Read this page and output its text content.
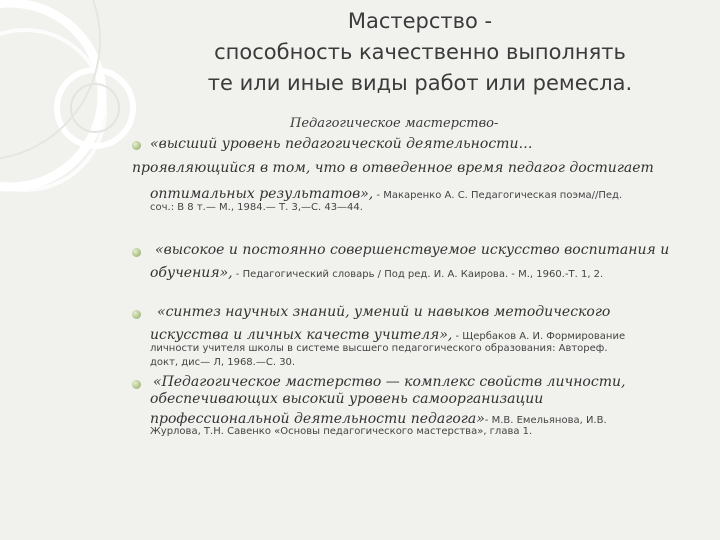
Мастерство -
способность качественно выполнять
те или иные виды работ или ремесла.
Педагогическое мастерство-
«высший уровень педагогической деятельности…
проявляющийся в том, что в отведенное время педагог достигает
оптимальных результатов», - Макаренко А. С. Педагогическая поэма//Пед.
соч.: В 8 т.— М., 1984.— Т. 3,—С. 43—44.
«высокое и постоянно совершенствуемое искусство воспитания и
обучения», - Педагогический словарь / Под ред. И. А. Каирова. - М., 1960.-Т. 1, 2.
«синтез научных знаний, умений и навыков методического
искусства и личных качеств учителя», - Щербаков А. И. Формирование
личности учителя школы в системе высшего педагогического образования: Автореф.
докт, дис— Л, 1968.—С. 30.
«Педагогическое мастерство — комплекс свойств личности,
обеспечивающих высокий уровень самоорганизации
профессиональной деятельности педагога»- М.В. Емельянова, И.В.
Журлова, Т.Н. Савенко «Основы педагогического мастерства», глава 1.
